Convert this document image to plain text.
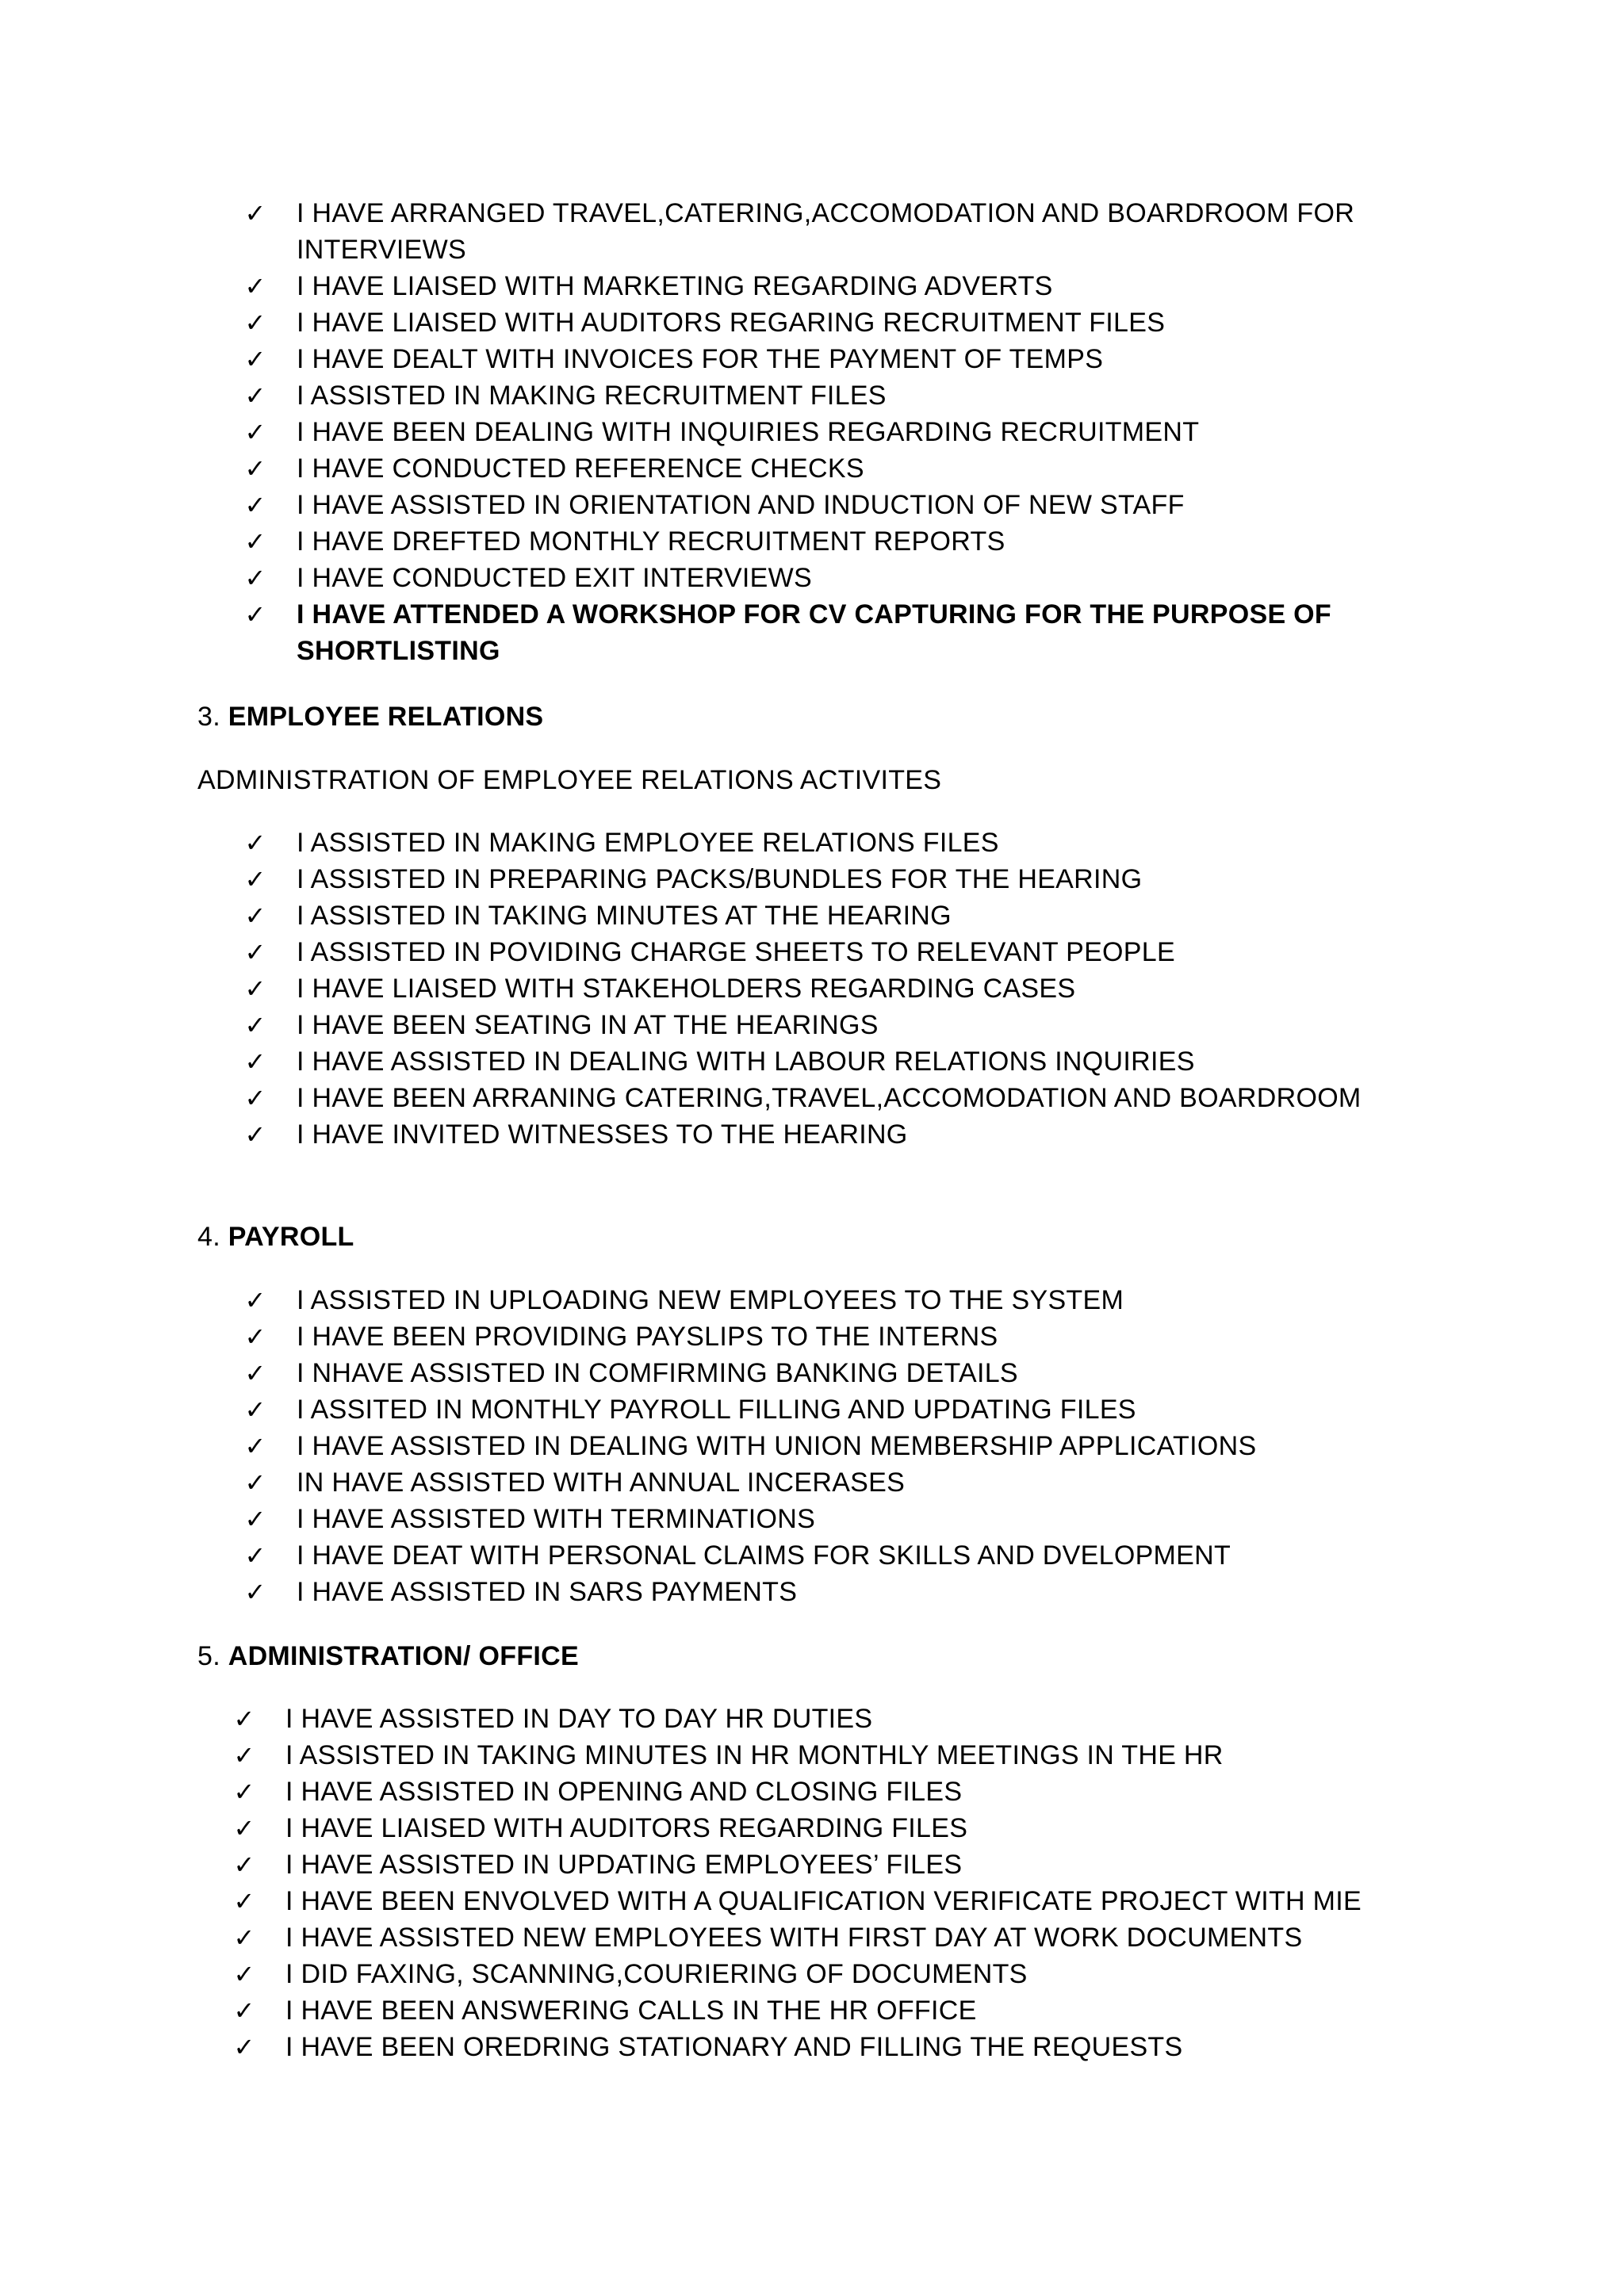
✓ I HAVE ARRANGED TRAVEL,CATERING,ACCOMODATION AND BOARDROOM FOR INTERVIEWS
✓ I HAVE LIAISED WITH MARKETING REGARDING ADVERTS
✓ I HAVE LIAISED WITH AUDITORS REGARING RECRUITMENT FILES
✓ I HAVE DEALT WITH INVOICES FOR THE PAYMENT OF TEMPS
✓ I ASSISTED IN MAKING RECRUITMENT FILES
✓ I HAVE BEEN DEALING WITH INQUIRIES REGARDING RECRUITMENT
✓ I HAVE CONDUCTED REFERENCE CHECKS
✓ I HAVE ASSISTED IN ORIENTATION AND INDUCTION OF NEW STAFF
✓ I HAVE DREFTED MONTHLY RECRUITMENT REPORTS
✓ I HAVE CONDUCTED EXIT INTERVIEWS
✓ I HAVE ATTENDED A WORKSHOP FOR CV CAPTURING FOR THE PURPOSE OF SHORTLISTING
3. EMPLOYEE RELATIONS
ADMINISTRATION OF EMPLOYEE RELATIONS ACTIVITES
✓ I ASSISTED IN MAKING EMPLOYEE RELATIONS FILES
✓ I ASSISTED IN PREPARING PACKS/BUNDLES FOR THE HEARING
✓ I ASSISTED IN TAKING MINUTES AT THE HEARING
✓ I ASSISTED IN POVIDING CHARGE SHEETS TO RELEVANT PEOPLE
✓ I HAVE LIAISED WITH STAKEHOLDERS REGARDING CASES
✓ I HAVE BEEN SEATING IN AT THE HEARINGS
✓ I HAVE ASSISTED IN DEALING WITH LABOUR RELATIONS INQUIRIES
✓ I HAVE BEEN ARRANING CATERING,TRAVEL,ACCOMODATION AND BOARDROOM
✓ I HAVE INVITED WITNESSES TO THE HEARING
4. PAYROLL
✓ I ASSISTED IN UPLOADING NEW EMPLOYEES TO THE SYSTEM
✓ I HAVE BEEN PROVIDING PAYSLIPS TO THE INTERNS
✓ I NHAVE ASSISTED IN COMFIRMING BANKING DETAILS
✓ I ASSITED IN MONTHLY PAYROLL FILLING AND UPDATING FILES
✓ I HAVE ASSISTED IN DEALING WITH UNION MEMBERSHIP APPLICATIONS
✓ IN HAVE ASSISTED WITH ANNUAL INCERASES
✓ I HAVE ASSISTED WITH TERMINATIONS
✓ I HAVE DEAT WITH PERSONAL CLAIMS FOR SKILLS AND DVELOPMENT
✓ I HAVE ASSISTED IN SARS PAYMENTS
5. ADMINISTRATION/ OFFICE
✓ I HAVE ASSISTED IN DAY TO DAY HR DUTIES
✓ I ASSISTED IN TAKING MINUTES IN HR MONTHLY MEETINGS IN THE HR
✓ I HAVE ASSISTED IN OPENING AND CLOSING FILES
✓ I HAVE LIAISED WITH AUDITORS REGARDING FILES
✓ I HAVE ASSISTED IN UPDATING EMPLOYEES’ FILES
✓ I HAVE BEEN ENVOLVED WITH A QUALIFICATION VERIFICATE PROJECT WITH MIE
✓ I HAVE ASSISTED NEW EMPLOYEES WITH FIRST DAY AT WORK DOCUMENTS
✓ I DID FAXING, SCANNING,COURIERING OF DOCUMENTS
✓ I HAVE BEEN ANSWERING CALLS IN THE HR OFFICE
✓ I HAVE BEEN OREDRING STATIONARY AND FILLING THE REQUESTS
